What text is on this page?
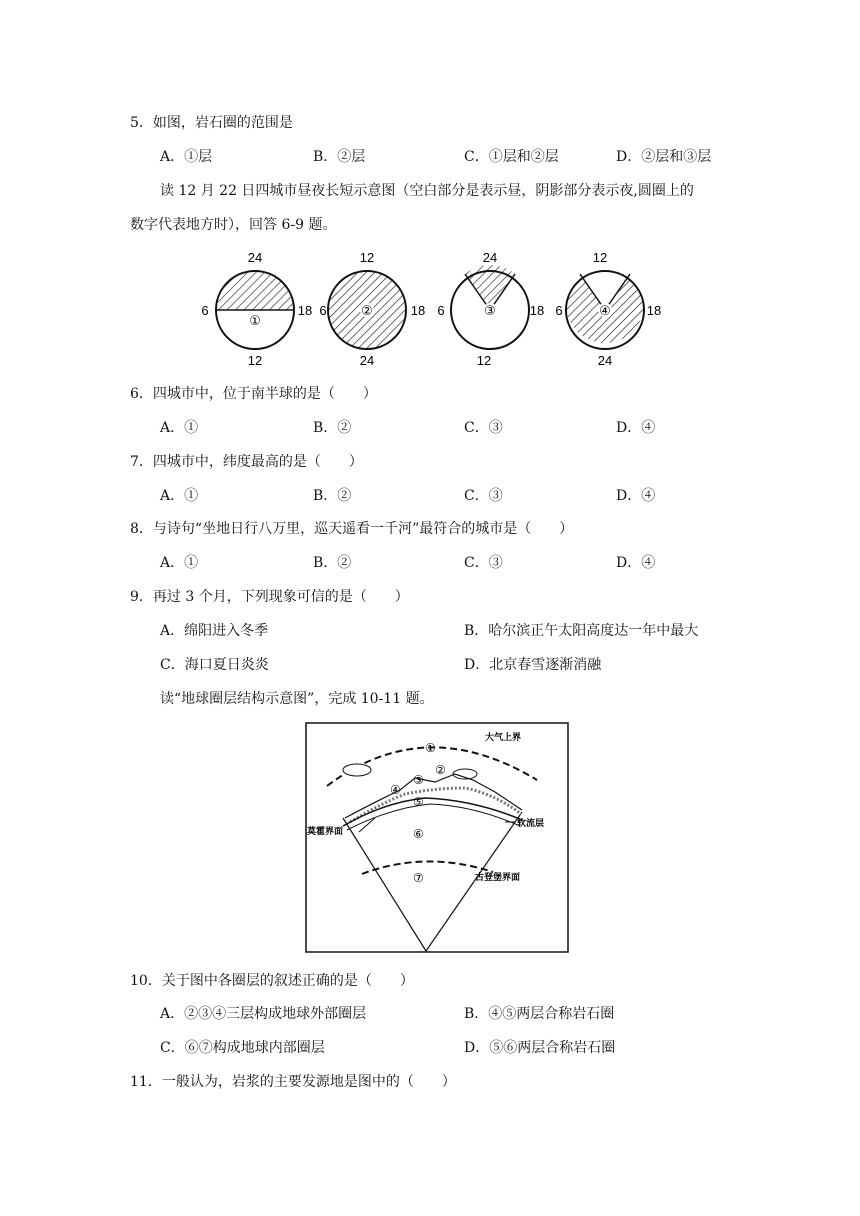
5．如图，岩石圈的范围是
A．①层	B．②层	C．①层和②层	D．②层和③层
读 12 月 22 日四城市昼夜长短示意图（空白部分是表示昼，阴影部分表示夜,圆圈上的
数字代表地方时），回答 6-9 题。
24
12
6	18
①
12
24
6	18
②
24
12
6	18
③
12
24
6	18
④
6．四城市中，位于南半球的是（　　）
A．①	B．②	C．③	D．④
7．四城市中，纬度最高的是（　　）
A．①	B．②	C．③	D．④
8．与诗句“坐地日行八万里，巡天遥看一千河”最符合的城市是（　　）
A．①	B．②	C．③	D．④
9．再过 3 个月，下列现象可信的是（　　）
A．绵阳进入冬季	B．哈尔滨正午太阳高度达一年中最大
C．海口夏日炎炎	D．北京春雪逐渐消融
读“地球圈层结构示意图”，完成 10-11 题。
大气上界
莫霍界面
软流层
古登堡界面
①
②
③
④
⑤
⑥
⑦
10．关于图中各圈层的叙述正确的是（　　）
A．②③④三层构成地球外部圈层	B．④⑤两层合称岩石圈
C．⑥⑦构成地球内部圈层	D．⑤⑥两层合称岩石圈
11．一般认为，岩浆的主要发源地是图中的（　　）
